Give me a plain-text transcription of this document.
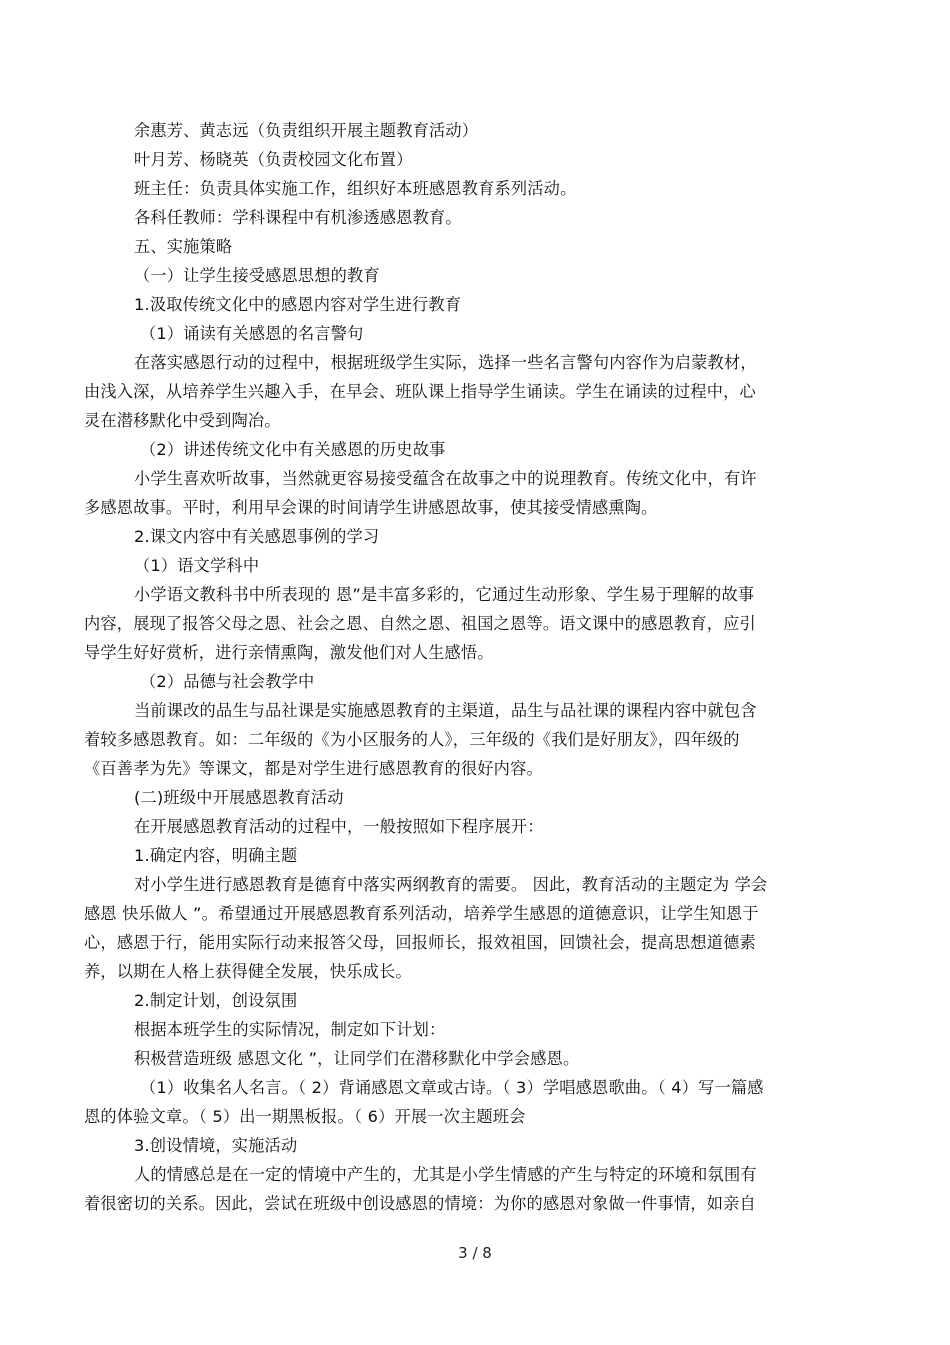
余惠芳、黄志远（负责组织开展主题教育活动）
叶月芳、杨晓英（负责校园文化布置）
班主任：负责具体实施工作，组织好本班感恩教育系列活动。
各科任教师：学科课程中有机渗透感恩教育。
五、实施策略
（一）让学生接受感恩思想的教育
1.汲取传统文化中的感恩内容对学生进行教育
（1）诵读有关感恩的名言警句
在落实感恩行动的过程中，根据班级学生实际，选择一些名言警句内容作为启蒙教材，
由浅入深，从培养学生兴趣入手，在早会、班队课上指导学生诵读。学生在诵读的过程中，心
灵在潜移默化中受到陶冶。
（2）讲述传统文化中有关感恩的历史故事
小学生喜欢听故事，当然就更容易接受蕴含在故事之中的说理教育。传统文化中，有许
多感恩故事。平时，利用早会课的时间请学生讲感恩故事，使其接受情感熏陶。
2.课文内容中有关感恩事例的学习
（1）语文学科中
小学语文教科书中所表现的 恩”是丰富多彩的，它通过生动形象、学生易于理解的故事
内容，展现了报答父母之恩、社会之恩、自然之恩、祖国之恩等。语文课中的感恩教育，应引
导学生好好赏析，进行亲情熏陶，激发他们对人生感悟。
（2）品德与社会教学中
当前课改的品生与品社课是实施感恩教育的主渠道，品生与品社课的课程内容中就包含
着较多感恩教育。如：二年级的《为小区服务的人》，三年级的《我们是好朋友》，四年级的
《百善孝为先》等课文，都是对学生进行感恩教育的很好内容。
(二)班级中开展感恩教育活动
在开展感恩教育活动的过程中，一般按照如下程序展开：
1.确定内容，明确主题
对小学生进行感恩教育是德育中落实两纲教育的需要。 因此，教育活动的主题定为 学会
感恩 快乐做人 ”。希望通过开展感恩教育系列活动，培养学生感恩的道德意识，让学生知恩于
心，感恩于行，能用实际行动来报答父母，回报师长，报效祖国，回馈社会，提高思想道德素
养，以期在人格上获得健全发展，快乐成长。
2.制定计划，创设氛围
根据本班学生的实际情况，制定如下计划：
积极营造班级 感恩文化 ”，让同学们在潜移默化中学会感恩。
（1）收集名人名言。（ 2）背诵感恩文章或古诗。（ 3）学唱感恩歌曲。（ 4）写一篇感
恩的体验文章。（ 5）出一期黑板报。（ 6）开展一次主题班会
3.创设情境，实施活动
人的情感总是在一定的情境中产生的，尤其是小学生情感的产生与特定的环境和氛围有
着很密切的关系。因此，尝试在班级中创设感恩的情境：为你的感恩对象做一件事情，如亲自
3 / 8
